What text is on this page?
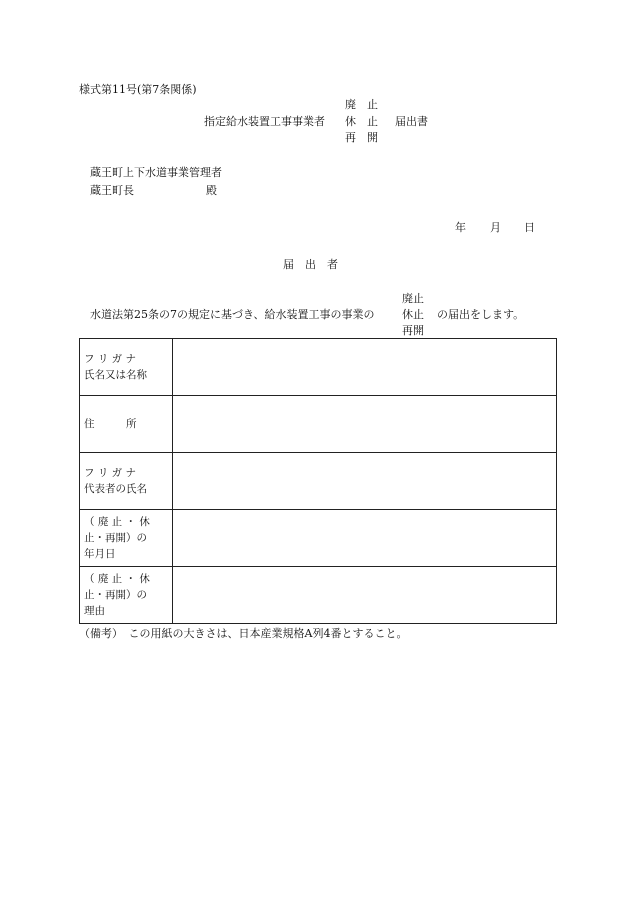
様式第11号(第7条関係)
指定給水装置工事事業者
廃　止
休　止
再　開
届出書
蔵王町上下水道事業管理者
蔵王町長	殿
年 月 日
届　出　者
水道法第25条の7の規定に基づき、給水装置工事の事業の
廃止
休止
再開
の届出をします。
フ リ ガ ナ
氏名又は名称	

住　　　所	

フ リ ガ ナ
代表者の氏名	

（ 廃 止 ・ 休
止・再開）の
年月日	

（ 廃 止 ・ 休
止・再開）の
理由	

（備考）　この用紙の大きさは、日本産業規格A列4番とすること。
